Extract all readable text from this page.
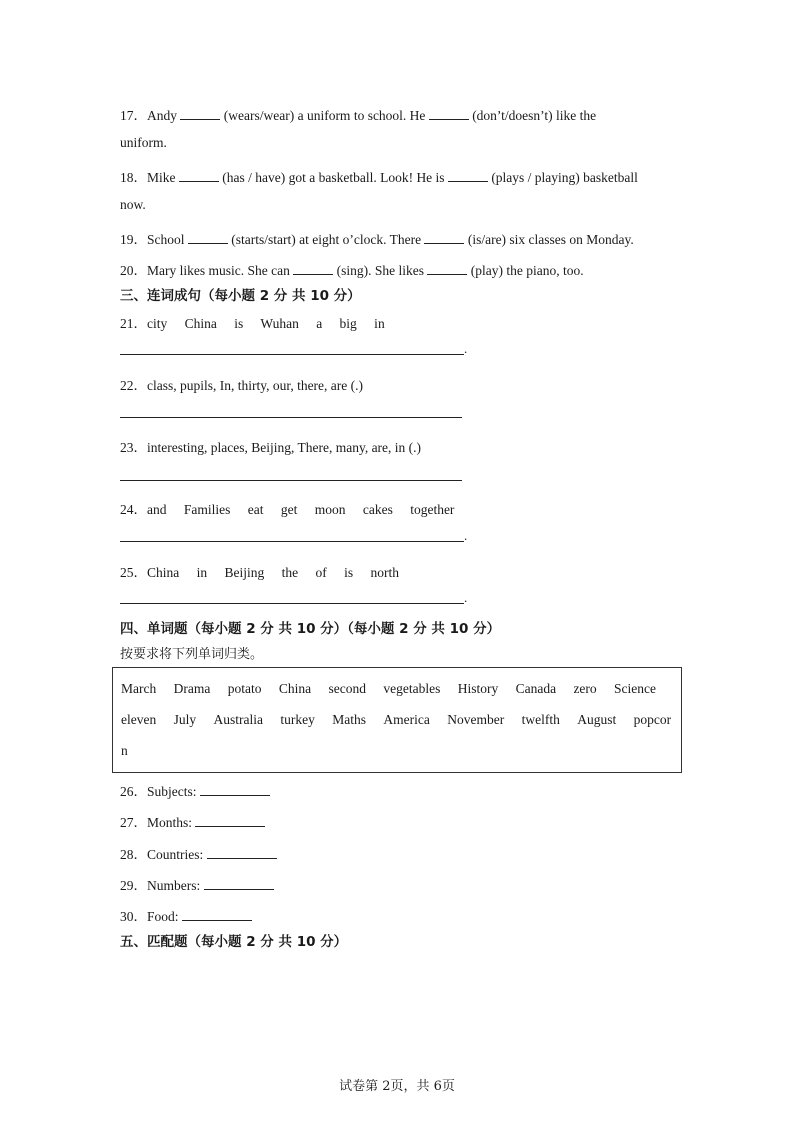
17．Andy	(wears/wear) a uniform to school. He	(don’t/doesn’t) like the
uniform.
18．Mike	(has / have) got a basketball. Look! He is	(plays / playing) basketball
now.
19．School	(starts/start) at eight o’clock. There	(is/are) six classes on Monday.
20．Mary likes music. She can	(sing). She likes	(play) the piano, too.
三、连词成句（每小题 2 分 共 10 分）
21．city China is Wuhan a big in
.
22．class, pupils, In, thirty, our, there, are (.)
23．interesting, places, Beijing, There, many, are, in (.)
24．and Families eat get moon cakes together
.
25．China in Beijing the of is north
.
四、单词题（每小题 2 分 共 10 分）（每小题 2 分 共 10 分）
按要求将下列单词归类。
March Drama potato China second vegetables History Canada zero Science
eleven July Australia turkey Maths America November twelfth August popcor
n
26．Subjects:
27．Months:
28．Countries:
29．Numbers:
30．Food:
五、匹配题（每小题 2 分 共 10 分）
试卷第 2页，共 6页
